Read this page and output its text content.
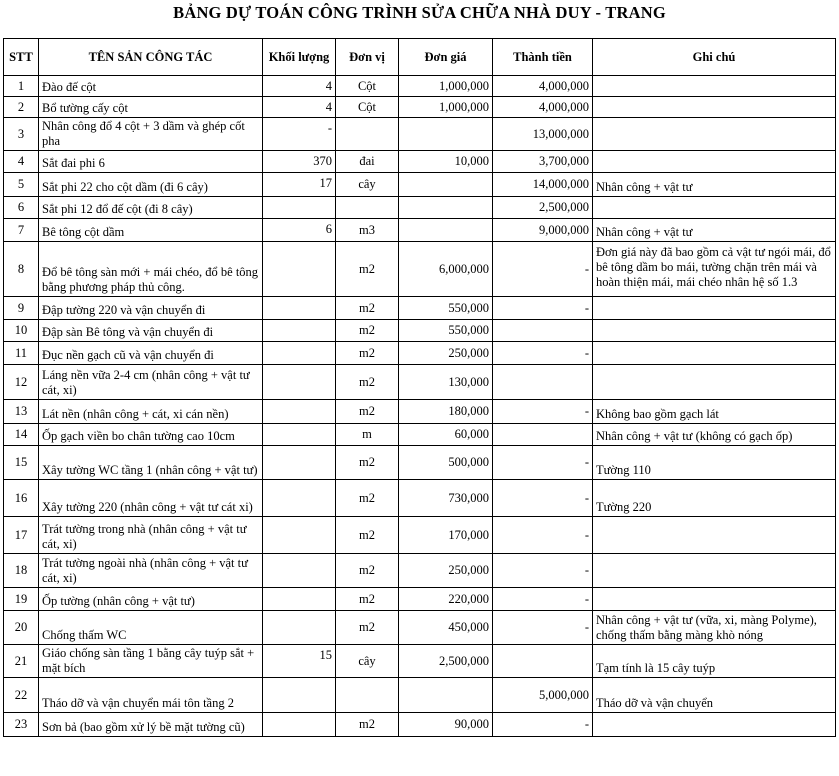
BẢNG DỰ TOÁN CÔNG TRÌNH SỬA CHỮA NHÀ DUY - TRANG
STT	TÊN SẢN CÔNG TÁC	Khối lượng	Đơn vị	Đơn giá	Thành tiền	Ghi chú
1	Đào đế cột	4	Cột	1,000,000	4,000,000	
2	Bổ tường cấy cột	4	Cột	1,000,000	4,000,000	
3	Nhân công đổ 4 cột + 3 dầm và ghép cốt pha	-			13,000,000	
4	Sắt đai phi 6	370	đai	10,000	3,700,000	
5	Sắt phi 22 cho cột dầm (đi 6 cây)	17	cây		14,000,000	Nhân công + vật tư
6	Sắt phi 12 đổ đế cột (đi 8 cây)				2,500,000	
7	Bê tông cột dầm	6	m3		9,000,000	Nhân công + vật tư
8	Đổ bê tông sàn mới + mái chéo, đổ bê tông bằng phương pháp thủ công.		m2	6,000,000	-	Đơn giá này đã bao gồm cả vật tư ngói mái, đổ bê tông dầm bo mái, tường chặn trên mái và hoàn thiện mái, mái chéo nhân hệ số 1.3
9	Đập tường 220 và vận chuyển đi		m2	550,000	-	
10	Đập sàn Bê tông và vận chuyển đi		m2	550,000		
11	Đục nền gạch cũ và vận chuyển đi		m2	250,000	-	
12	Láng nền vữa 2-4 cm (nhân công + vật tư cát, xi)		m2	130,000		
13	Lát nền (nhân công + cát, xi cán nền)		m2	180,000	-	Không bao gồm gạch lát
14	Ốp gạch viền bo chân tường cao 10cm		m	60,000		Nhân công + vật tư (không có gạch ốp)
15	Xây tường WC tầng 1 (nhân công + vật tư)		m2	500,000	-	Tường 110
16	Xây tường 220 (nhân công + vật tư cát xi)		m2	730,000	-	Tường 220
17	Trát tường trong nhà (nhân công + vật tư cát, xi)		m2	170,000	-	
18	Trát tường ngoài nhà (nhân công + vật tư cát, xi)		m2	250,000	-	
19	Ốp tường (nhân công + vật tư)		m2	220,000	-	
20	Chống thấm WC		m2	450,000	-	Nhân công + vật tư (vữa, xi, màng Polyme), chống thấm bằng màng khò nóng
21	Giáo chống sàn tầng 1 bằng cây tuýp sắt + mặt bích	15	cây	2,500,000		Tạm tính là 15 cây tuýp
22	Tháo dỡ và vận chuyển mái tôn tầng 2				5,000,000	Tháo dỡ và vận chuyển
23	Sơn bả (bao gồm xử lý bề mặt tường cũ)		m2	90,000	-	
